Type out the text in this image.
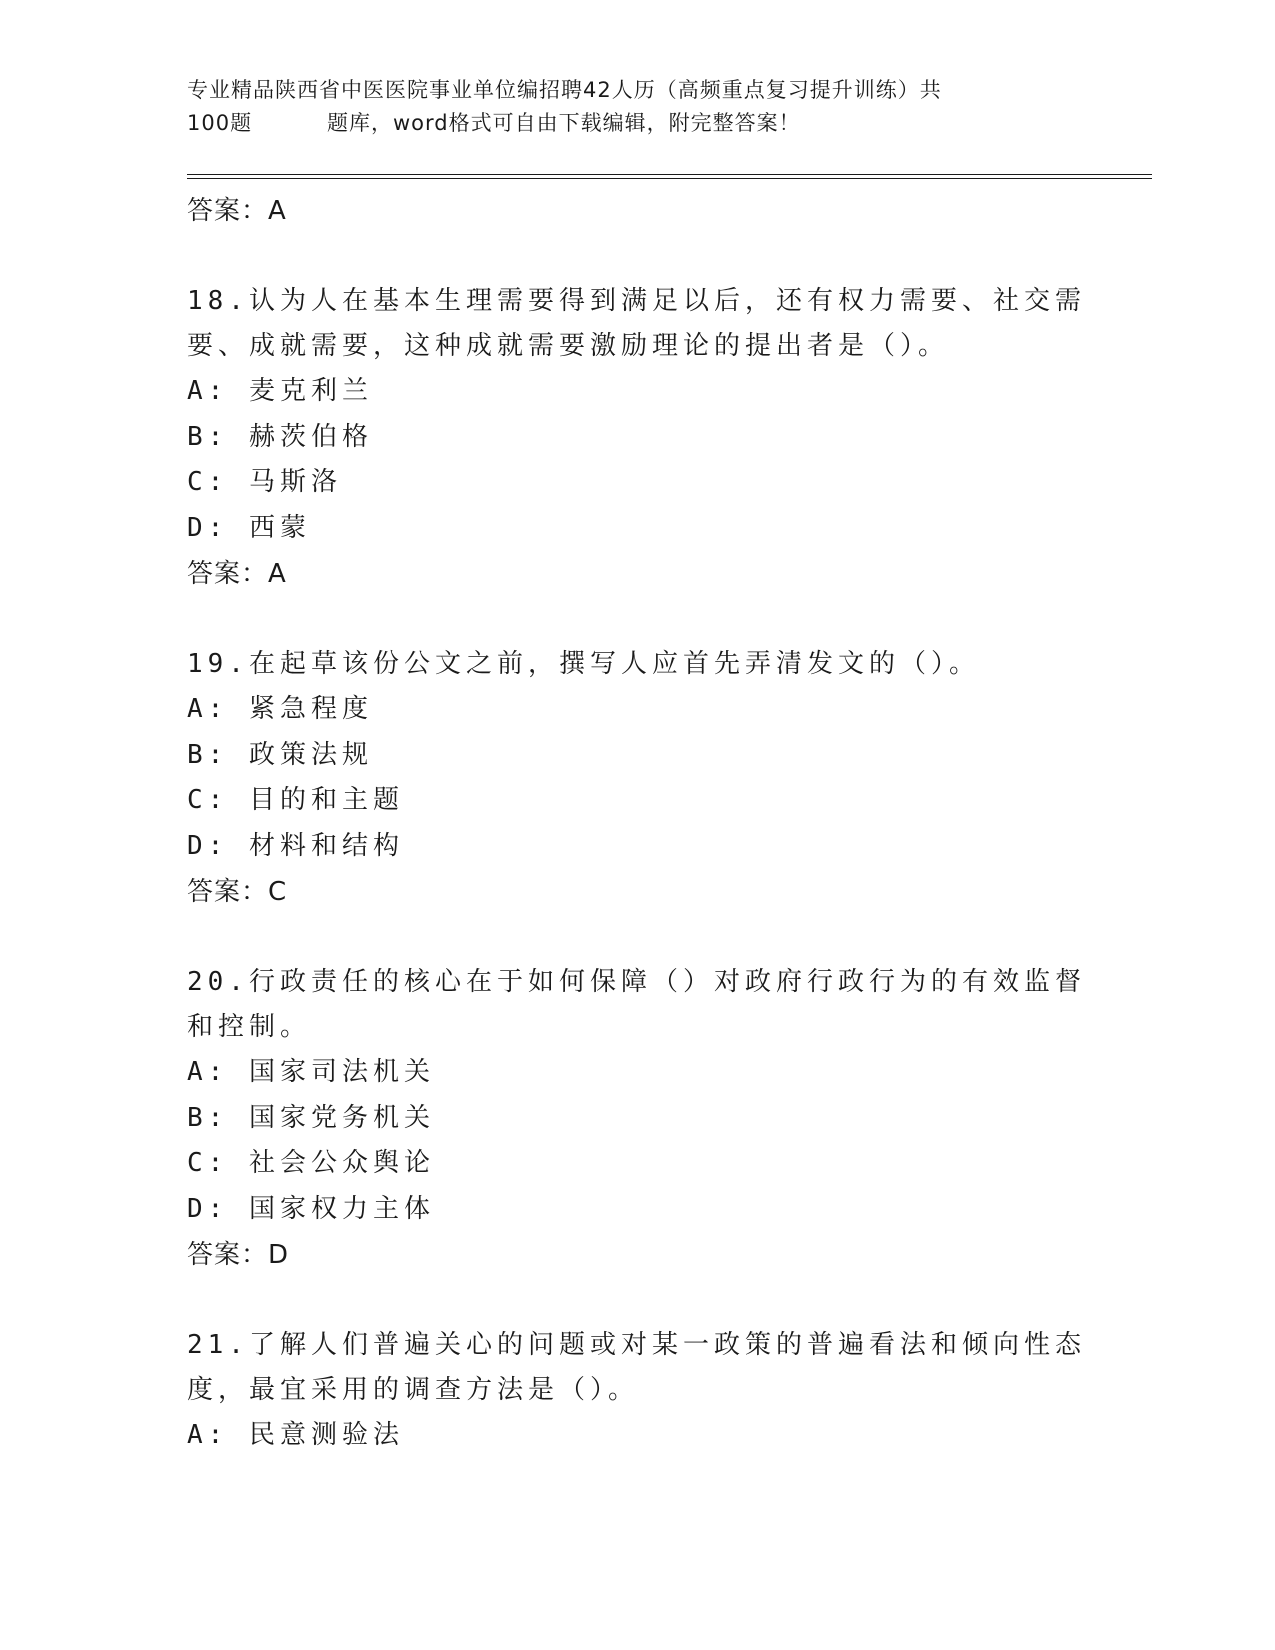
专业精品陕西省中医医院事业单位编招聘42人历（高频重点复习提升训练）共
100题	题库，word格式可自由下载编辑，附完整答案！
答案：A
18.认为人在基本生理需要得到满足以后，还有权力需要、社交需要、成就需要，这种成就需要激励理论的提出者是（）。
A: 麦克利兰
B: 赫茨伯格
C: 马斯洛
D: 西蒙
答案：A
19.在起草该份公文之前，撰写人应首先弄清发文的（）。
A: 紧急程度
B: 政策法规
C: 目的和主题
D: 材料和结构
答案：C
20.行政责任的核心在于如何保障（）对政府行政行为的有效监督和控制。
A: 国家司法机关
B: 国家党务机关
C: 社会公众舆论
D: 国家权力主体
答案：D
21.了解人们普遍关心的问题或对某一政策的普遍看法和倾向性态度，最宜采用的调查方法是（）。
A: 民意测验法
